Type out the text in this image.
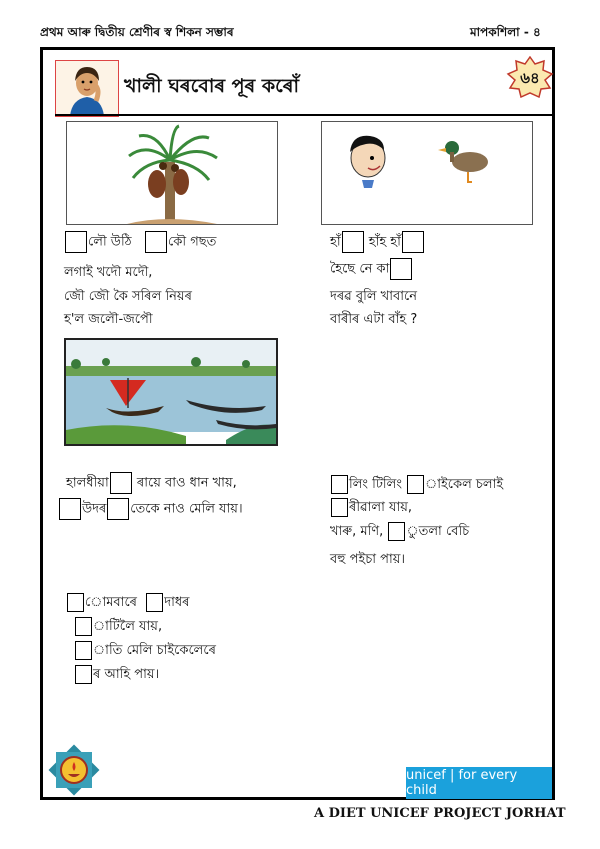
প্ৰথম আৰু দ্বিতীয় শ্ৰেণীৰ স্ব শিকন সম্ভাৰ	মাপকশিলা - ৪
খালী ঘৰবোৰ পূৰ কৰোঁ	৬৪
লৌ উঠি	কৌ গছত
লগাই খদৌ মদৌ,
জৌ জৌ কৈ সৰিল নিয়ৰ
হ'ল জলৌ-জপৌ
হাঁ হাঁহ হাঁ
হৈছে নে কা
দৰৱ বুলি খাবানে
বাৰীৰ এটা বাঁহ ?
হালধীয়া ৰায়ে বাও ধান খায়,
উদৰ তেকে নাও মেলি যায়।
লিং টিলিং াইকেল চলাই
ৰীৱালা যায়,
খাৰু, মণি, ুতলা বেচি
বহু পইচা পায়।
োমবাৰে দাধৰ
াটিলৈ যায়,
াতি মেলি চাইকেলেৰে
ৰ আহি পায়।
unicef | for every child
A DIET UNICEF PROJECT JORHAT
